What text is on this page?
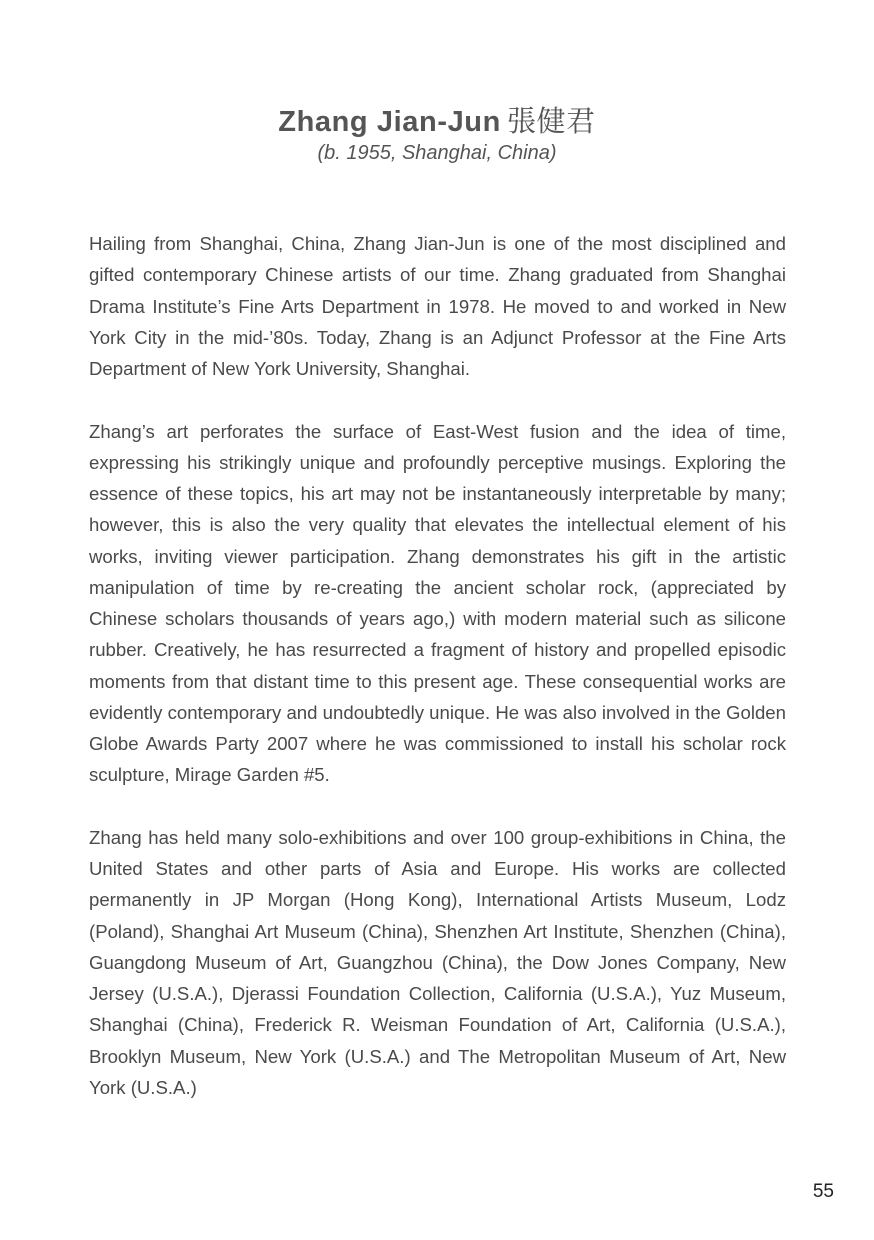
Zhang Jian-Jun 張健君

(b. 1955, Shanghai, China)

Hailing from Shanghai, China, Zhang Jian-Jun is one of the most disciplined and gifted contemporary Chinese artists of our time. Zhang graduated from Shanghai Drama Institute’s Fine Arts Department in 1978. He moved to and worked in New York City in the mid-’80s. Today, Zhang is an Adjunct Professor at the Fine Arts Department of New York University, Shanghai.

Zhang’s art perforates the surface of East-West fusion and the idea of time, expressing his strikingly unique and profoundly perceptive musings. Exploring the essence of these topics, his art may not be instantaneously interpretable by many; however, this is also the very quality that elevates the intellectual element of his works, inviting viewer participation. Zhang demonstrates his gift in the artistic manipulation of time by re-creating the ancient scholar rock, (appreciated by Chinese scholars thousands of years ago,) with modern material such as silicone rubber. Creatively, he has resurrected a fragment of history and propelled episodic moments from that distant time to this present age. These consequential works are evidently contemporary and undoubtedly unique. He was also involved in the Golden Globe Awards Party 2007 where he was commissioned to install his scholar rock sculpture, Mirage Garden #5.

Zhang has held many solo-exhibitions and over 100 group-exhibitions in China, the United States and other parts of Asia and Europe. His works are collected permanently in JP Morgan (Hong Kong), International Artists Museum, Lodz (Poland), Shanghai Art Museum (China), Shenzhen Art Institute, Shenzhen (China), Guangdong Museum of Art, Guangzhou (China), the Dow Jones Company, New Jersey (U.S.A.), Djerassi Foundation Collection, California (U.S.A.), Yuz Museum, Shanghai (China), Frederick R. Weisman Foundation of Art, California (U.S.A.), Brooklyn Museum, New York (U.S.A.) and The Metropolitan Museum of Art, New York (U.S.A.)

55
